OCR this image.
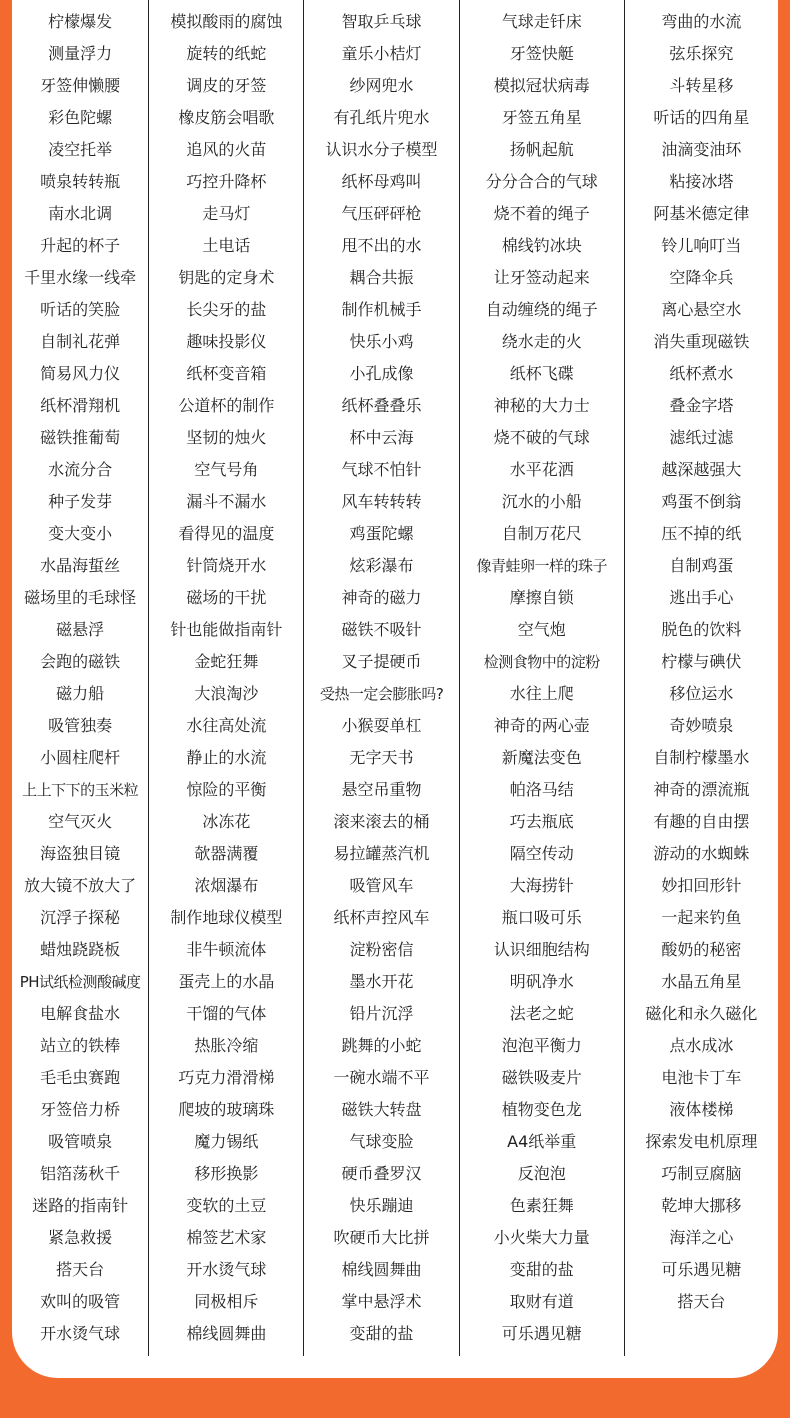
柠檬爆发
测量浮力
牙签伸懒腰
彩色陀螺
凌空托举
喷泉转转瓶
南水北调
升起的杯子
千里水缘一线牵
听话的笑脸
自制礼花弹
简易风力仪
纸杯滑翔机
磁铁推葡萄
水流分合
种子发芽
变大变小
水晶海蜇丝
磁场里的毛球怪
磁悬浮
会跑的磁铁
磁力船
吸管独奏
小圆柱爬杆
上上下下的玉米粒
空气灭火
海盗独目镜
放大镜不放大了
沉浮子探秘
蜡烛跷跷板
PH试纸检测酸碱度
电解食盐水
站立的铁棒
毛毛虫赛跑
牙签倍力桥
吸管喷泉
铝箔荡秋千
迷路的指南针
紧急救援
搭天台
欢叫的吸管
开水烫气球
模拟酸雨的腐蚀
旋转的纸蛇
调皮的牙签
橡皮筋会唱歌
追风的火苗
巧控升降杯
走马灯
土电话
钥匙的定身术
长尖牙的盐
趣味投影仪
纸杯变音箱
公道杯的制作
坚韧的烛火
空气号角
漏斗不漏水
看得见的温度
针筒烧开水
磁场的干扰
针也能做指南针
金蛇狂舞
大浪淘沙
水往高处流
静止的水流
惊险的平衡
冰冻花
欹器满覆
浓烟瀑布
制作地球仪模型
非牛顿流体
蛋壳上的水晶
干馏的气体
热胀冷缩
巧克力滑滑梯
爬坡的玻璃珠
魔力锡纸
移形换影
变软的土豆
棉签艺术家
开水烫气球
同极相斥
棉线圆舞曲
智取乒乓球
童乐小桔灯
纱网兜水
有孔纸片兜水
认识水分子模型
纸杯母鸡叫
气压砰砰枪
甩不出的水
耦合共振
制作机械手
快乐小鸡
小孔成像
纸杯叠叠乐
杯中云海
气球不怕针
风车转转转
鸡蛋陀螺
炫彩瀑布
神奇的磁力
磁铁不吸针
叉子提硬币
受热一定会膨胀吗?
小猴耍单杠
无字天书
悬空吊重物
滚来滚去的桶
易拉罐蒸汽机
吸管风车
纸杯声控风车
淀粉密信
墨水开花
铅片沉浮
跳舞的小蛇
一碗水端不平
磁铁大转盘
气球变脸
硬币叠罗汉
快乐蹦迪
吹硬币大比拼
棉线圆舞曲
掌中悬浮术
变甜的盐
气球走钎床
牙签快艇
模拟冠状病毒
牙签五角星
扬帆起航
分分合合的气球
烧不着的绳子
棉线钓冰块
让牙签动起来
自动缠绕的绳子
绕水走的火
纸杯飞碟
神秘的大力士
烧不破的气球
水平花洒
沉水的小船
自制万花尺
像青蛙卵一样的珠子
摩擦自锁
空气炮
检测食物中的淀粉
水往上爬
神奇的两心壶
新魔法变色
帕洛马结
巧去瓶底
隔空传动
大海捞针
瓶口吸可乐
认识细胞结构
明矾净水
法老之蛇
泡泡平衡力
磁铁吸麦片
植物变色龙
A4纸举重
反泡泡
色素狂舞
小火柴大力量
变甜的盐
取财有道
可乐遇见糖
弯曲的水流
弦乐探究
斗转星移
听话的四角星
油滴变油环
粘接冰塔
阿基米德定律
铃儿响叮当
空降伞兵
离心悬空水
消失重现磁铁
纸杯煮水
叠金字塔
滤纸过滤
越深越强大
鸡蛋不倒翁
压不掉的纸
自制鸡蛋
逃出手心
脱色的饮料
柠檬与碘伏
移位运水
奇妙喷泉
自制柠檬墨水
神奇的漂流瓶
有趣的自由摆
游动的水蜘蛛
妙扣回形针
一起来钓鱼
酸奶的秘密
水晶五角星
磁化和永久磁化
点水成冰
电池卡丁车
液体楼梯
探索发电机原理
巧制豆腐脑
乾坤大挪移
海洋之心
可乐遇见糖
搭天台
